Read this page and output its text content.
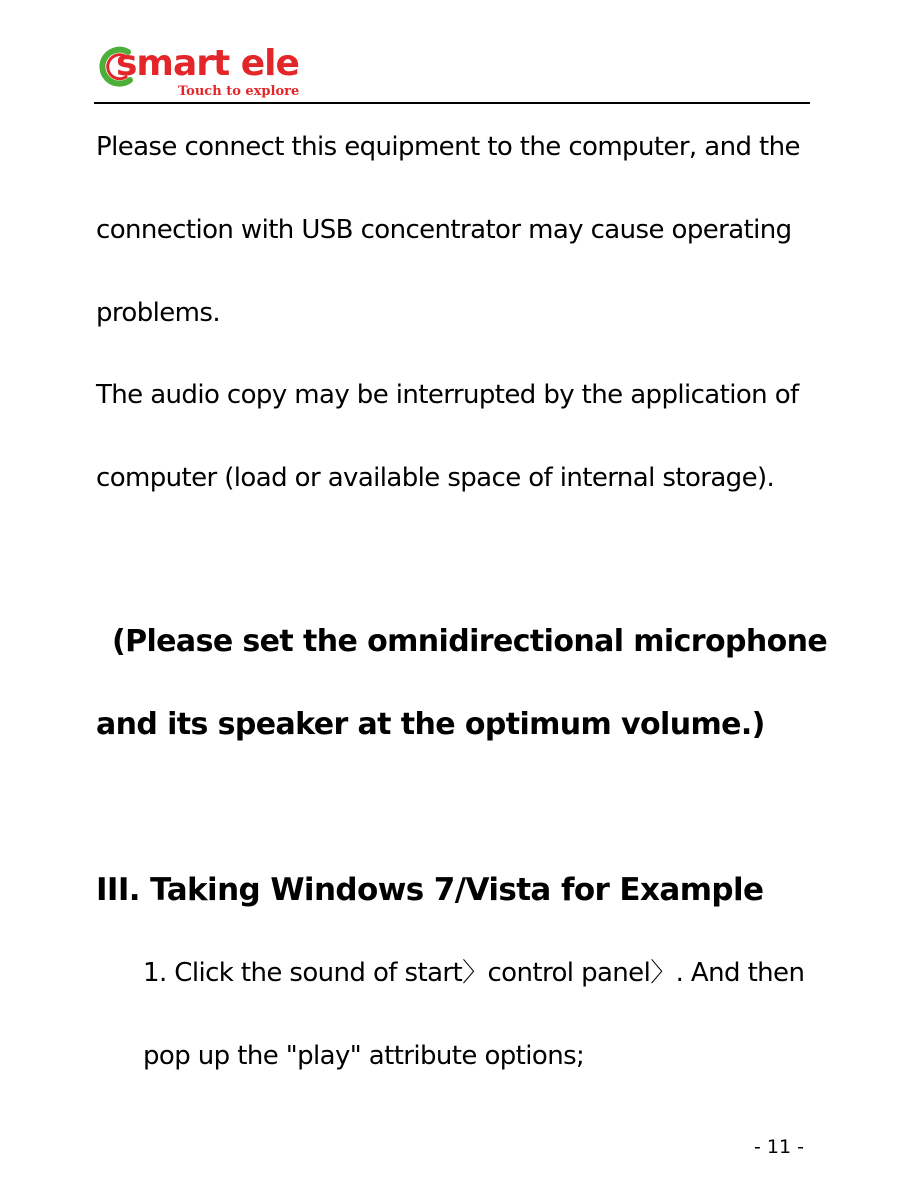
smart ele
Touch to explore
Please connect this equipment to the computer, and the
connection with USB concentrator may cause operating
problems.
The audio copy may be interrupted by the application of
computer (load or available space of internal storage).
(Please set the omnidirectional microphone
and its speaker at the optimum volume.)
III. Taking Windows 7/Vista for Example
1. Click the sound of start〉control panel〉. And then
pop up the "play" attribute options;
- 11 -
